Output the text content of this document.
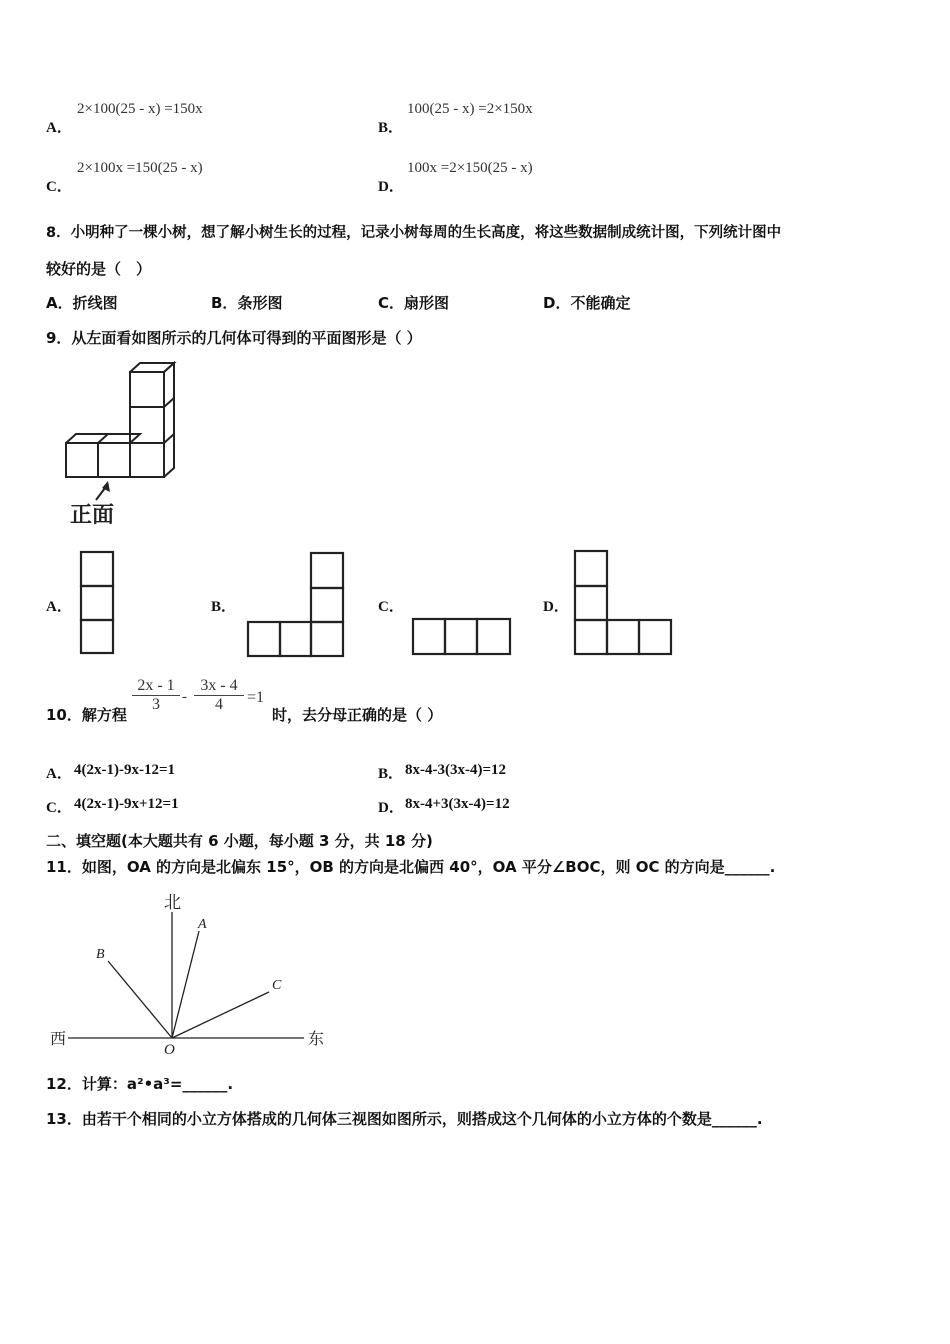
A．
2×100(25 - x) =150x
B．
100(25 - x) =2×150x
C．
2×100x =150(25 - x)
D．
100x =2×150(25 - x)
8．小明种了一棵小树，想了解小树生长的过程，记录小树每周的生长高度，将这些数据制成统计图，下列统计图中
较好的是（　）
A．折线图	B．条形图	C．扇形图	D．不能确定
9．从左面看如图所示的几何体可得到的平面图形是（ ）
正面
A．	B．	C．	D．
10．解方程
$\frac{2x - 1}{3} - \frac{3x - 4}{4} =1$
时，去分母正确的是（ ）
A． 4(2x-1)-9x-12=1	B． 8x-4-3(3x-4)=12
C． 4(2x-1)-9x+12=1	D． 8x-4+3(3x-4)=12
二、填空题(本大题共有 6 小题，每小题 3 分，共 18 分)
11．如图，OA 的方向是北偏东 15°，OB 的方向是北偏西 40°，OA 平分∠BOC，则 OC 的方向是______.
北
西	东
O
A
B
C
12．计算：a²•a³=______.
13．由若干个相同的小立方体搭成的几何体三视图如图所示，则搭成这个几何体的小立方体的个数是______.
